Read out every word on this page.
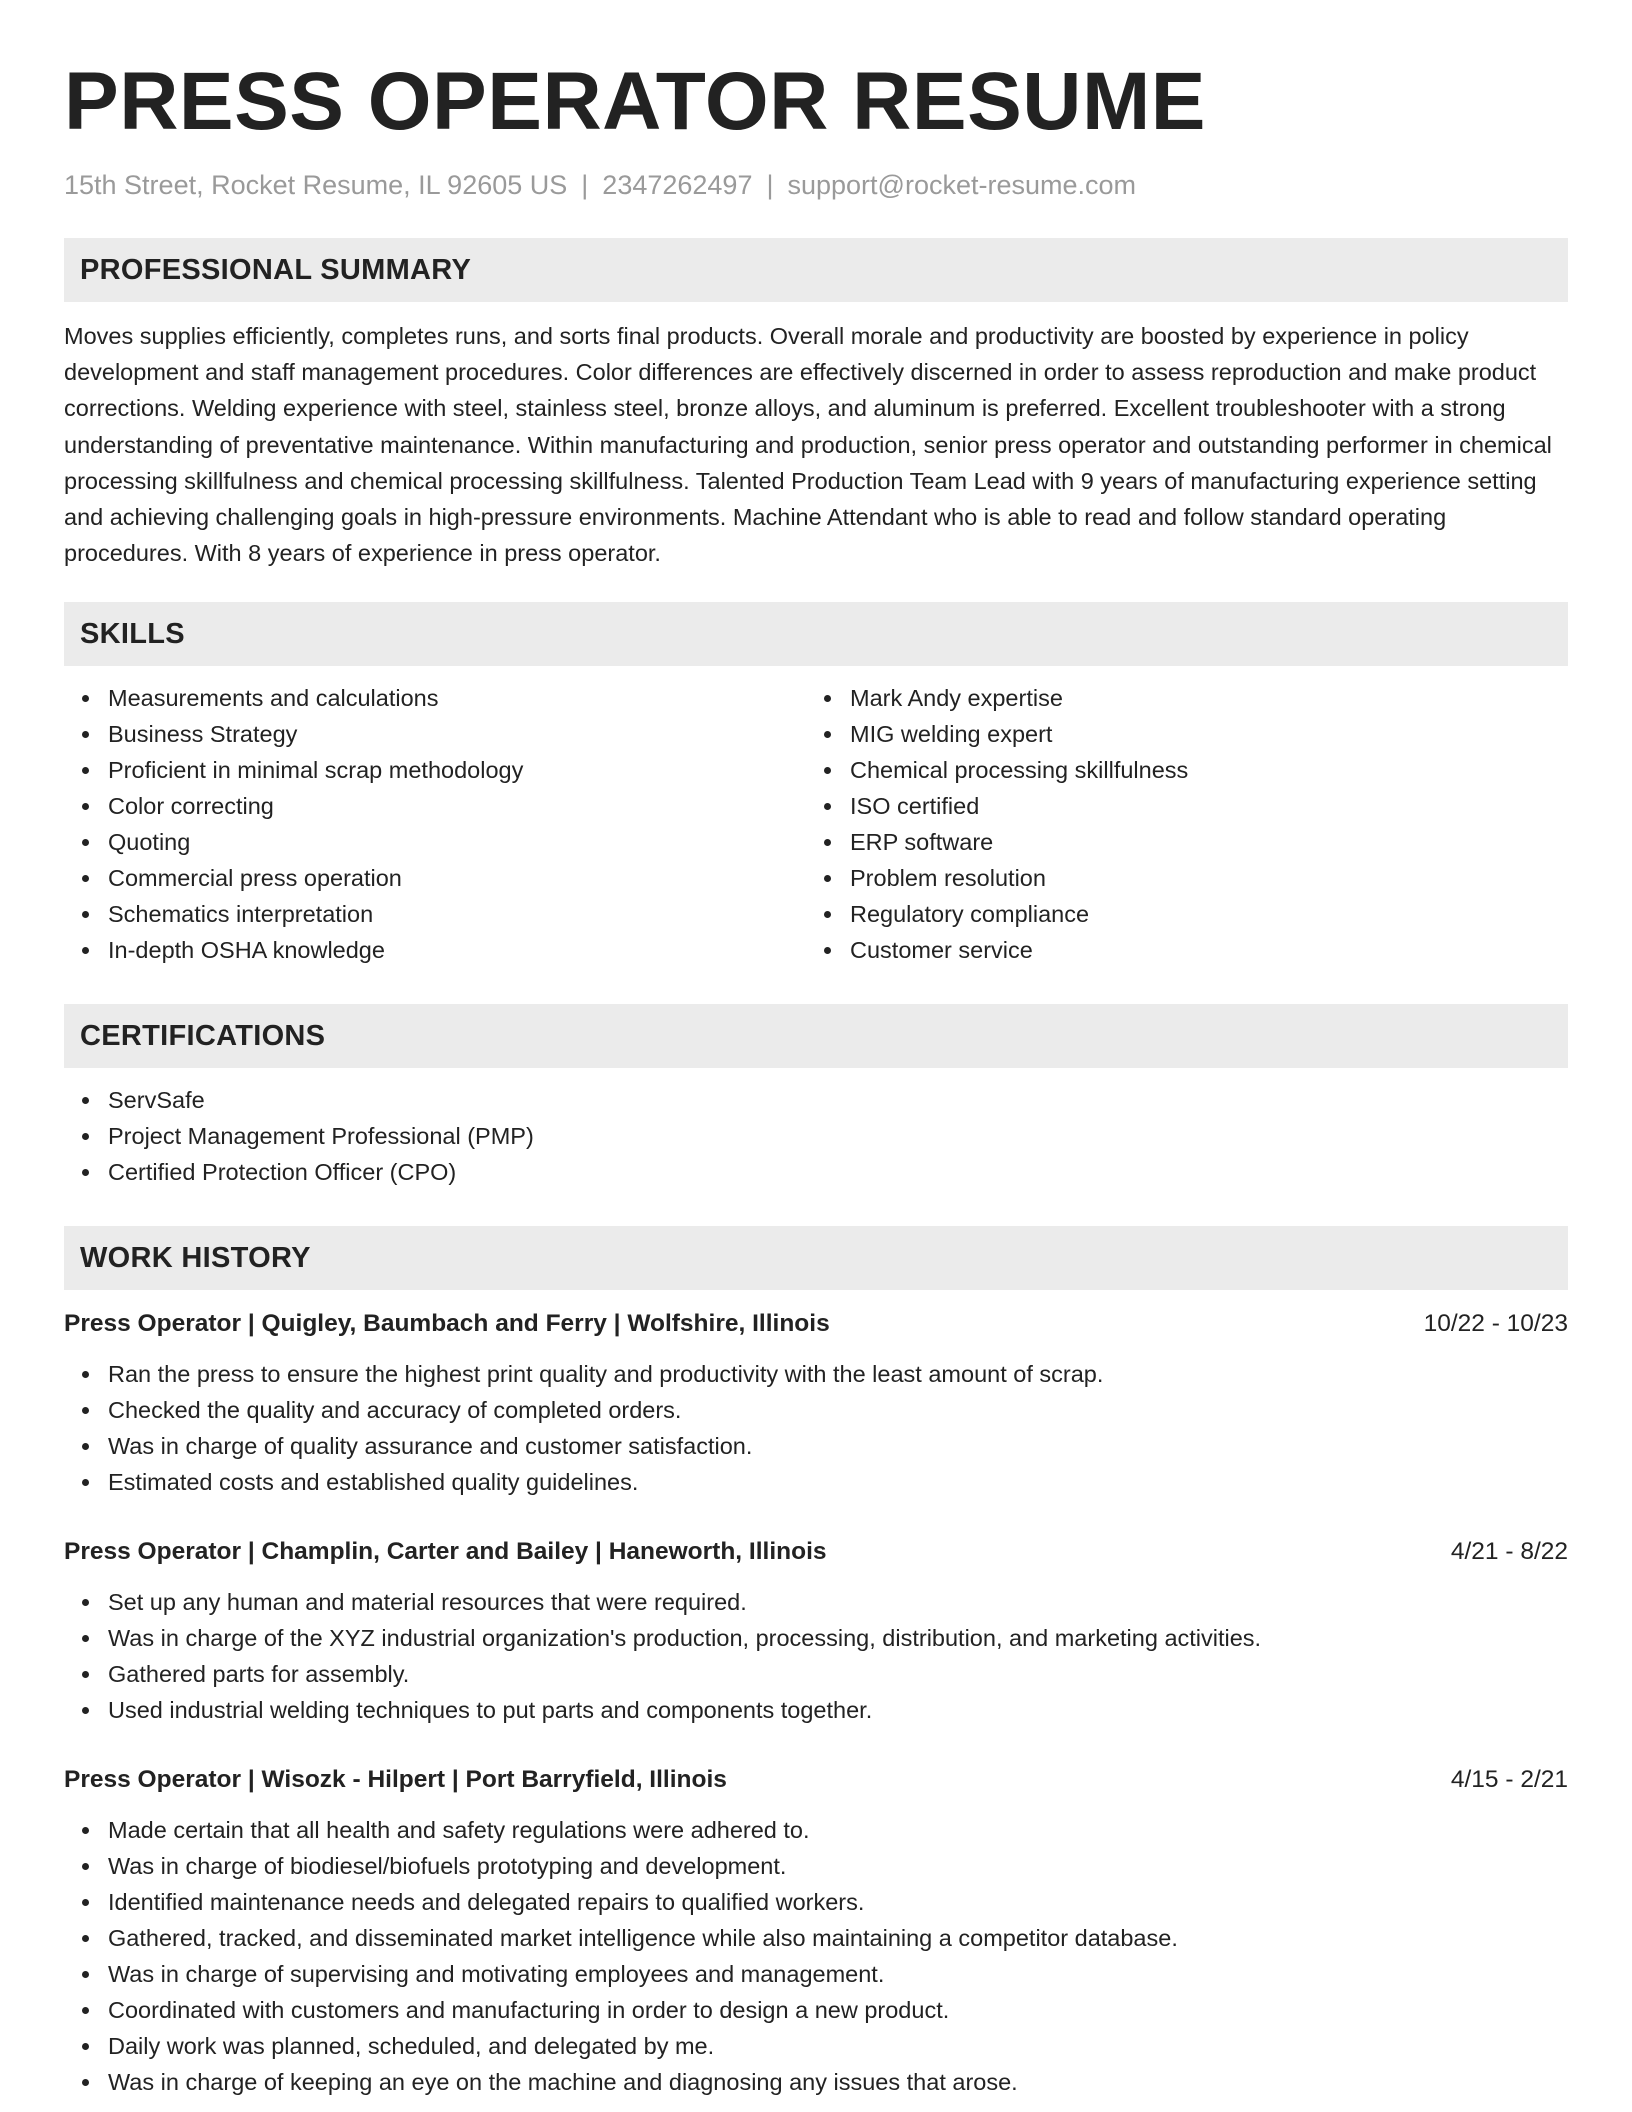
PRESS OPERATOR RESUME
15th Street, Rocket Resume, IL 92605 US | 2347262497 | support@rocket-resume.com
PROFESSIONAL SUMMARY

Moves supplies efficiently, completes runs, and sorts final products. Overall morale and productivity are boosted by experience in policy development and staff management procedures. Color differences are effectively discerned in order to assess reproduction and make product corrections. Welding experience with steel, stainless steel, bronze alloys, and aluminum is preferred. Excellent troubleshooter with a strong understanding of preventative maintenance. Within manufacturing and production, senior press operator and outstanding performer in chemical processing skillfulness and chemical processing skillfulness. Talented Production Team Lead with 9 years of manufacturing experience setting and achieving challenging goals in high-pressure environments. Machine Attendant who is able to read and follow standard operating procedures. With 8 years of experience in press operator.

SKILLS
Measurements and calculations
Business Strategy
Proficient in minimal scrap methodology
Color correcting
Quoting
Commercial press operation
Schematics interpretation
In-depth OSHA knowledge
Mark Andy expertise
MIG welding expert
Chemical processing skillfulness
ISO certified
ERP software
Problem resolution
Regulatory compliance
Customer service
CERTIFICATIONS
ServSafe
Project Management Professional (PMP)
Certified Protection Officer (CPO)
WORK HISTORY
Press Operator | Quigley, Baumbach and Ferry | Wolfshire, Illinois	10/22 - 10/23
Ran the press to ensure the highest print quality and productivity with the least amount of scrap.
Checked the quality and accuracy of completed orders.
Was in charge of quality assurance and customer satisfaction.
Estimated costs and established quality guidelines.
Press Operator | Champlin, Carter and Bailey | Haneworth, Illinois	4/21 - 8/22
Set up any human and material resources that were required.
Was in charge of the XYZ industrial organization's production, processing, distribution, and marketing activities.
Gathered parts for assembly.
Used industrial welding techniques to put parts and components together.
Press Operator | Wisozk - Hilpert | Port Barryfield, Illinois	4/15 - 2/21
Made certain that all health and safety regulations were adhered to.
Was in charge of biodiesel/biofuels prototyping and development.
Identified maintenance needs and delegated repairs to qualified workers.
Gathered, tracked, and disseminated market intelligence while also maintaining a competitor database.
Was in charge of supervising and motivating employees and management.
Coordinated with customers and manufacturing in order to design a new product.
Daily work was planned, scheduled, and delegated by me.
Was in charge of keeping an eye on the machine and diagnosing any issues that arose.
